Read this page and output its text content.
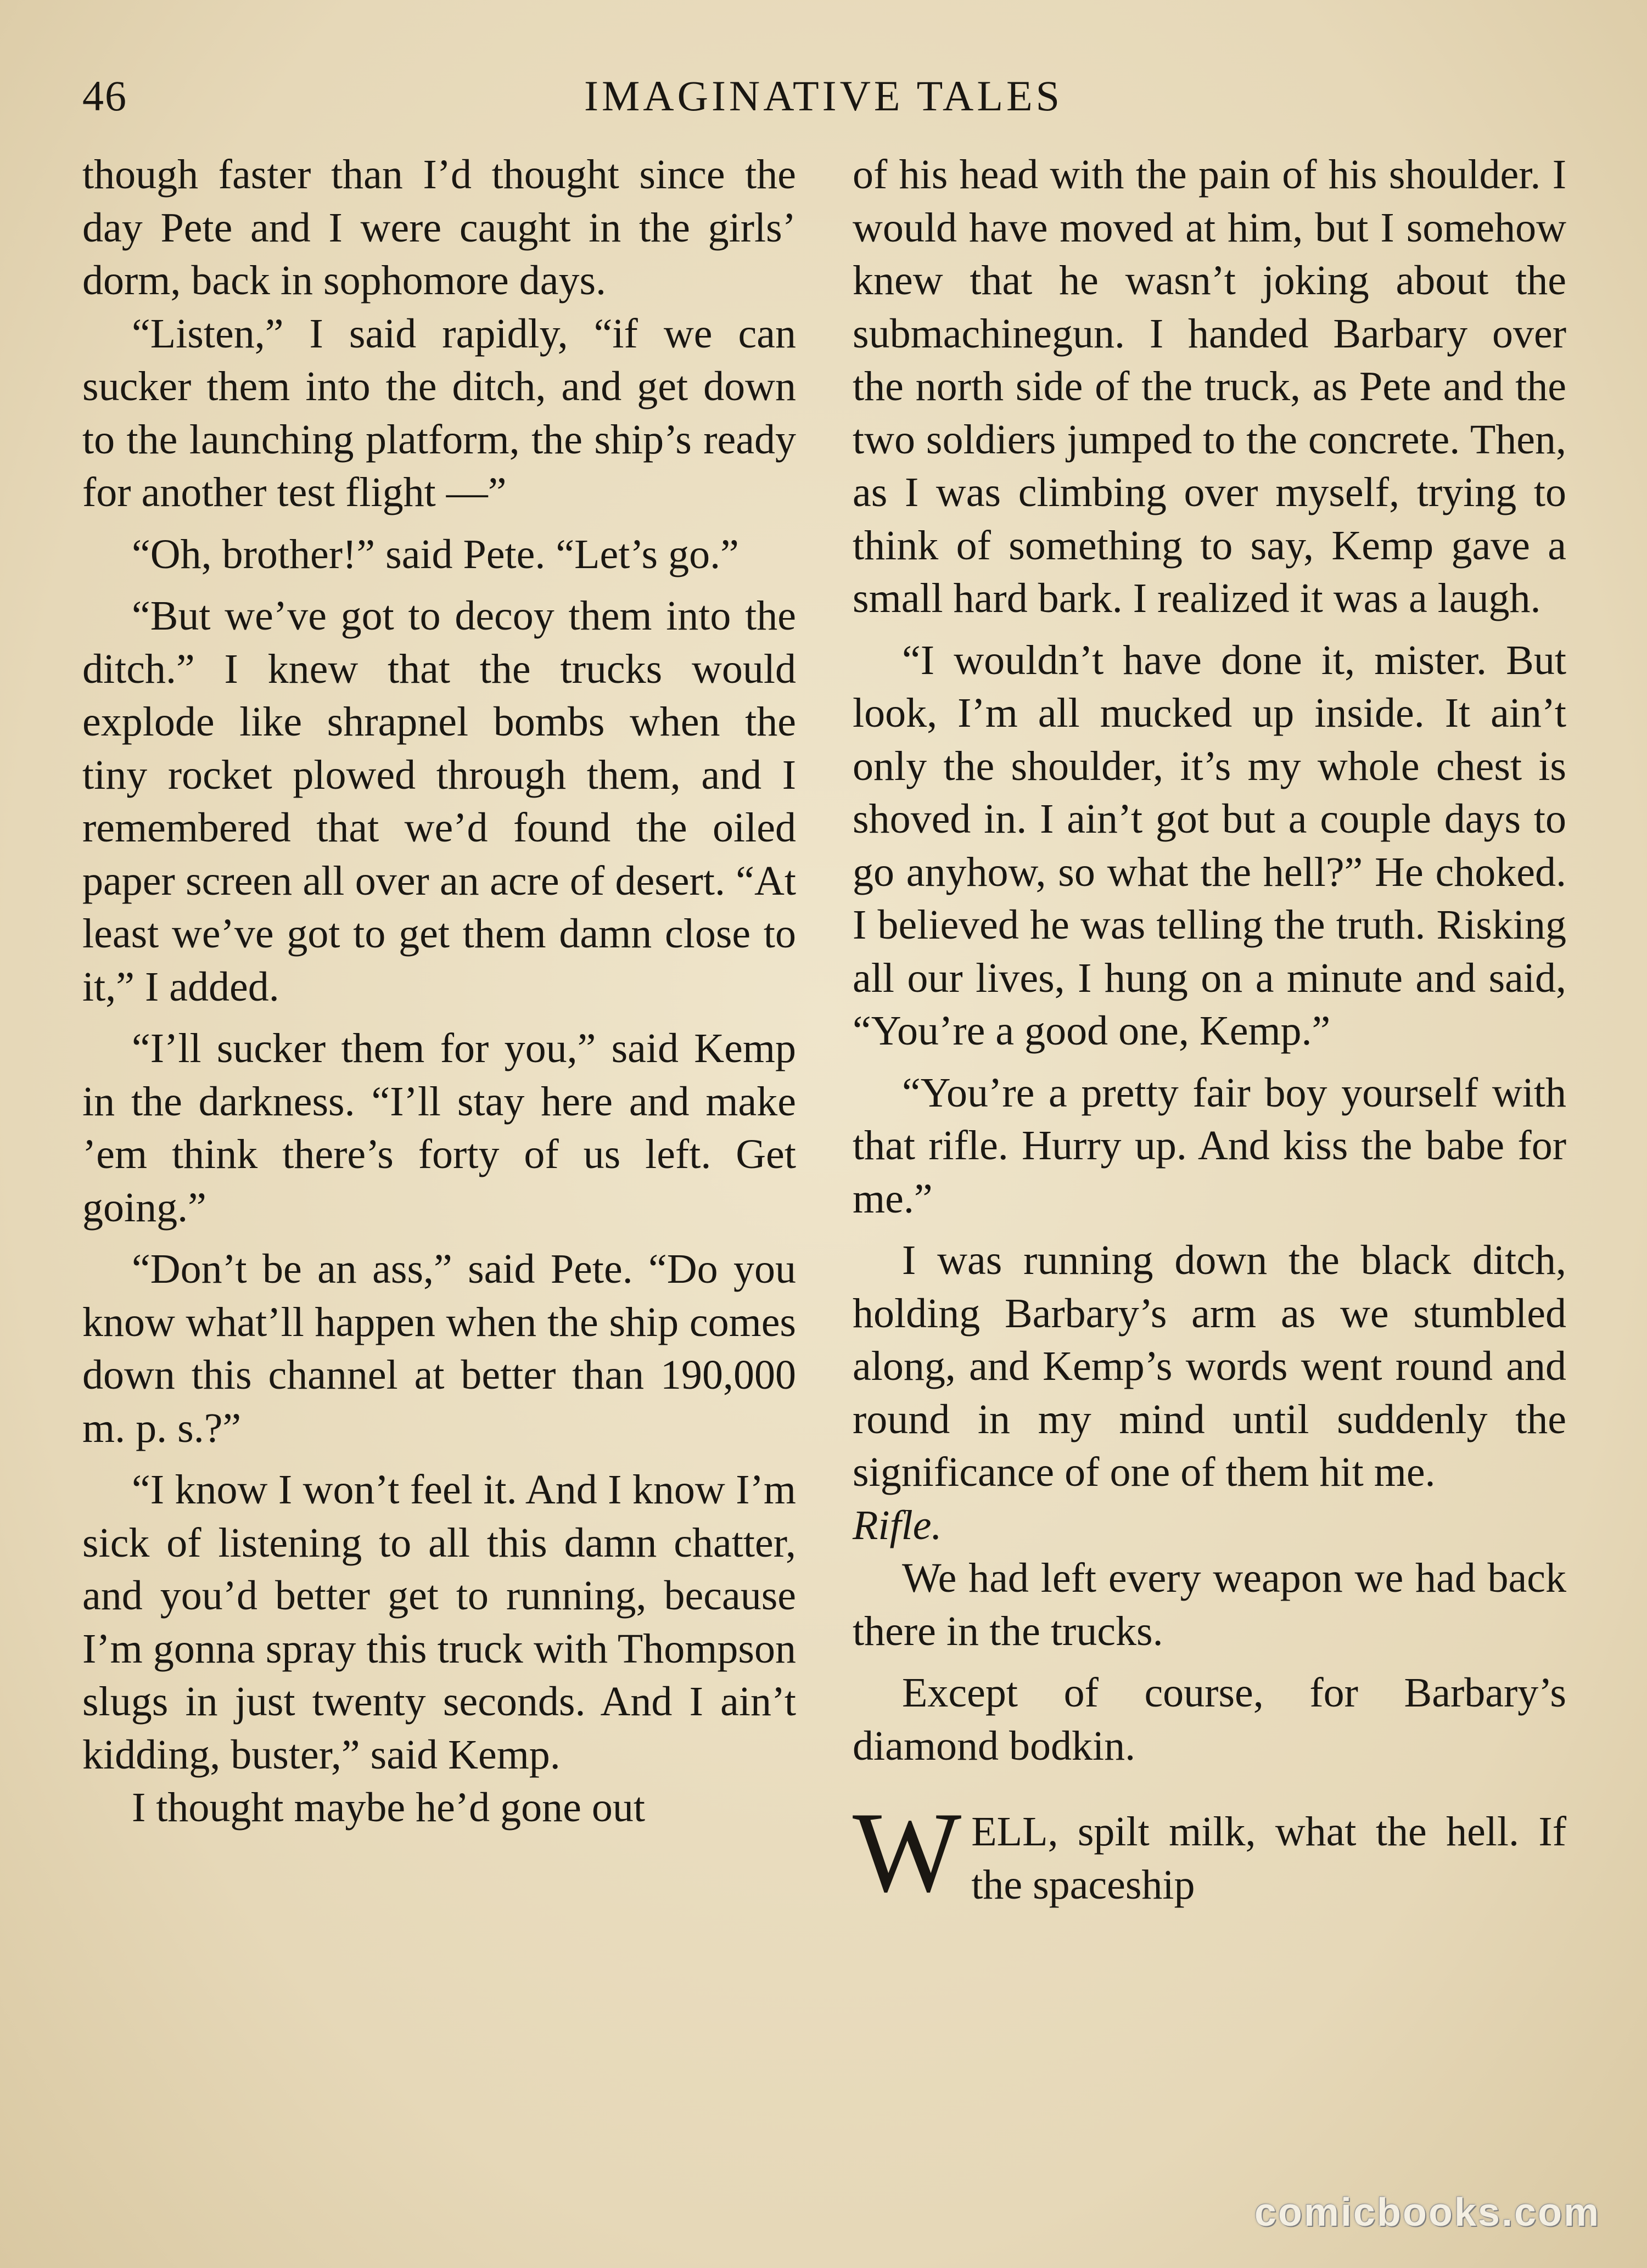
46	IMAGINATIVE TALES

though faster than I’d thought since the day Pete and I were caught in the girls’ dorm, back in sophomore days.

“Listen,” I said rapidly, “if we can sucker them into the ditch, and get down to the launching platform, the ship’s ready for another test flight —”

“Oh, brother!” said Pete. “Let’s go.”

“But we’ve got to decoy them into the ditch.” I knew that the trucks would explode like shrapnel bombs when the tiny rocket plowed through them, and I remembered that we’d found the oiled paper screen all over an acre of desert. “At least we’ve got to get them damn close to it,” I added.

“I’ll sucker them for you,” said Kemp in the darkness. “I’ll stay here and make ’em think there’s forty of us left. Get going.”

“Don’t be an ass,” said Pete. “Do you know what’ll happen when the ship comes down this channel at better than 190,000 m. p. s.?”

“I know I won’t feel it. And I know I’m sick of listening to all this damn chatter, and you’d better get to running, because I’m gonna spray this truck with Thompson slugs in just twenty seconds. And I ain’t kidding, buster,” said Kemp.

I thought maybe he’d gone out

of his head with the pain of his shoulder. I would have moved at him, but I somehow knew that he wasn’t joking about the submachinegun. I handed Barbary over the north side of the truck, as Pete and the two soldiers jumped to the concrete. Then, as I was climbing over myself, trying to think of something to say, Kemp gave a small hard bark. I realized it was a laugh.

“I wouldn’t have done it, mister. But look, I’m all mucked up inside. It ain’t only the shoulder, it’s my whole chest is shoved in. I ain’t got but a couple days to go anyhow, so what the hell?” He choked. I believed he was telling the truth. Risking all our lives, I hung on a minute and said, “You’re a good one, Kemp.”

“You’re a pretty fair boy yourself with that rifle. Hurry up. And kiss the babe for me.”

I was running down the black ditch, holding Barbary’s arm as we stumbled along, and Kemp’s words went round and round in my mind until suddenly the significance of one of them hit me.

Rifle.

We had left every weapon we had back there in the trucks.

Except of course, for Barbary’s diamond bodkin.

W ELL, spilt milk, what the hell. If the spaceship
comicbooks.com
